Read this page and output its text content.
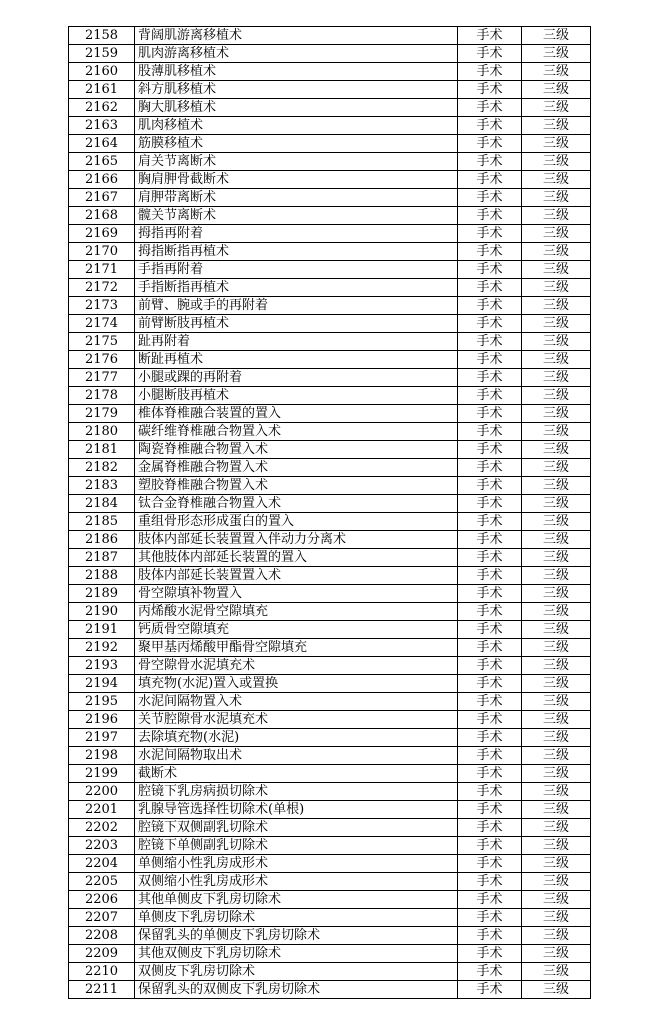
2158	背阔肌游离移植术	手术	三级
2159	肌肉游离移植术	手术	三级
2160	股薄肌移植术	手术	三级
2161	斜方肌移植术	手术	三级
2162	胸大肌移植术	手术	三级
2163	肌肉移植术	手术	三级
2164	筋膜移植术	手术	三级
2165	肩关节离断术	手术	三级
2166	胸肩胛骨截断术	手术	三级
2167	肩胛带离断术	手术	三级
2168	髋关节离断术	手术	三级
2169	拇指再附着	手术	三级
2170	拇指断指再植术	手术	三级
2171	手指再附着	手术	三级
2172	手指断指再植术	手术	三级
2173	前臂、腕或手的再附着	手术	三级
2174	前臂断肢再植术	手术	三级
2175	趾再附着	手术	三级
2176	断趾再植术	手术	三级
2177	小腿或踝的再附着	手术	三级
2178	小腿断肢再植术	手术	三级
2179	椎体脊椎融合装置的置入	手术	三级
2180	碳纤维脊椎融合物置入术	手术	三级
2181	陶瓷脊椎融合物置入术	手术	三级
2182	金属脊椎融合物置入术	手术	三级
2183	塑胶脊椎融合物置入术	手术	三级
2184	钛合金脊椎融合物置入术	手术	三级
2185	重组骨形态形成蛋白的置入	手术	三级
2186	肢体内部延长装置置入伴动力分离术	手术	三级
2187	其他肢体内部延长装置的置入	手术	三级
2188	肢体内部延长装置置入术	手术	三级
2189	骨空隙填补物置入	手术	三级
2190	丙烯酸水泥骨空隙填充	手术	三级
2191	钙质骨空隙填充	手术	三级
2192	聚甲基丙烯酸甲酯骨空隙填充	手术	三级
2193	骨空隙骨水泥填充术	手术	三级
2194	填充物(水泥)置入或置换	手术	三级
2195	水泥间隔物置入术	手术	三级
2196	关节腔隙骨水泥填充术	手术	三级
2197	去除填充物(水泥)	手术	三级
2198	水泥间隔物取出术	手术	三级
2199	截断术	手术	三级
2200	腔镜下乳房病损切除术	手术	三级
2201	乳腺导管选择性切除术(单根)	手术	三级
2202	腔镜下双侧副乳切除术	手术	三级
2203	腔镜下单侧副乳切除术	手术	三级
2204	单侧缩小性乳房成形术	手术	三级
2205	双侧缩小性乳房成形术	手术	三级
2206	其他单侧皮下乳房切除术	手术	三级
2207	单侧皮下乳房切除术	手术	三级
2208	保留乳头的单侧皮下乳房切除术	手术	三级
2209	其他双侧皮下乳房切除术	手术	三级
2210	双侧皮下乳房切除术	手术	三级
2211	保留乳头的双侧皮下乳房切除术	手术	三级
